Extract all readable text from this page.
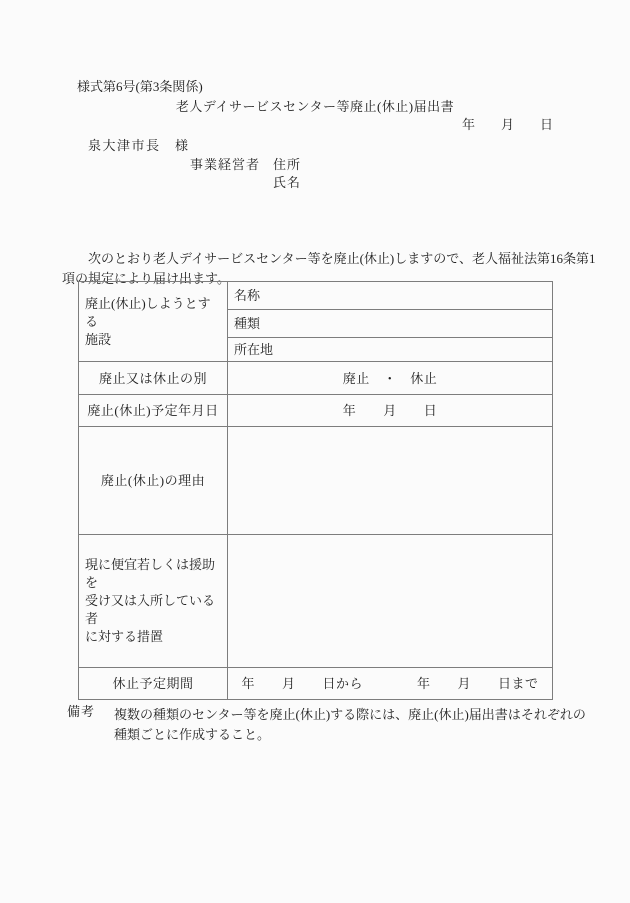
様式第6号(第3条関係)
老人デイサービスセンター等廃止(休止)届出書
年　　月　　日
泉大津市長　様
事業経営者 住所
氏名
次のとおり老人デイサービスセンター等を廃止(休止)しますので、老人福祉法第16条第1
項の規定により届け出ます。
廃止(休止)しようとする
施設	名称
	種類
	所在地
廃止又は休止の別	廃止　・　休止
廃止(休止)予定年月日	年　　月　　日
廃止(休止)の理由	

現に便宜若しくは援助を
受け又は入所している者
に対する措置	

休止予定期間	年　　月　　日から　　　　年　　月　　日まで
備考 複数の種類のセンター等を廃止(休止)する際には、廃止(休止)届出書はそれぞれの
種類ごとに作成すること。
